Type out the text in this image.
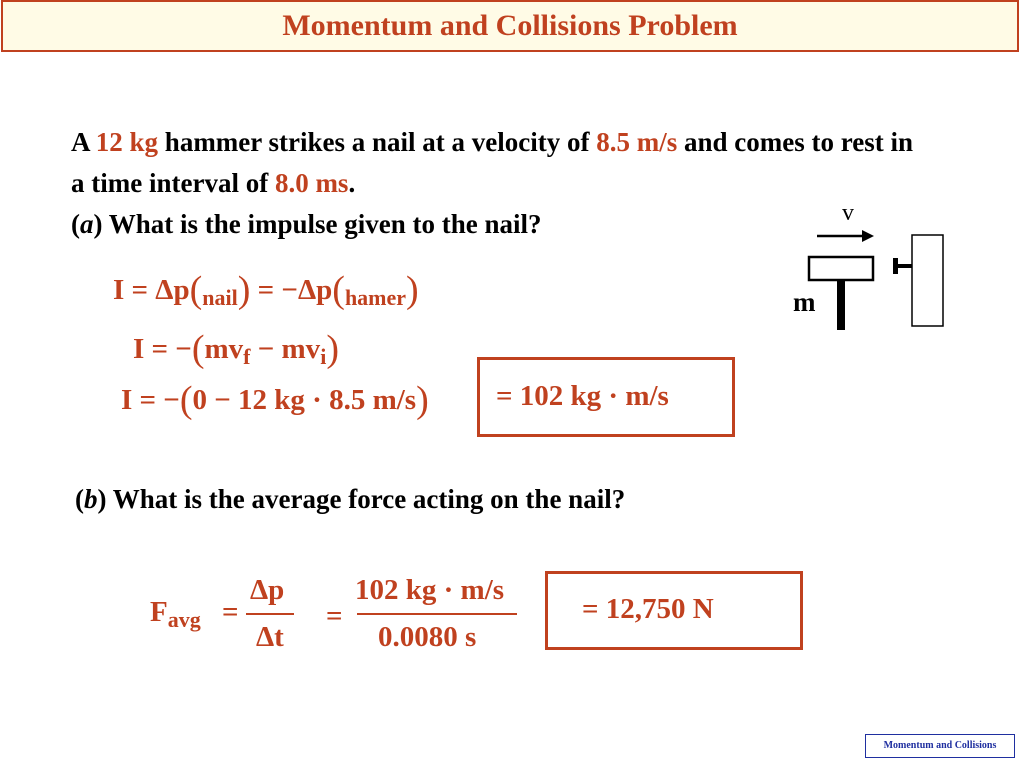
Momentum and Collisions Problem
A 12 kg hammer strikes a nail at a velocity of 8.5 m/s and comes to rest in a time interval of 8.0 ms.
(a) What is the impulse given to the nail?	v
m
$I = \Delta p(_{nail}) = -\Delta p(_{hamer})$
$I = -(mv_f - mv_i)$
I = −(0 − 12 kg · 8.5 m/s) = 102 kg · m/s
(b) What is the average force acting on the nail?
$F_{avg}$ =
Δp
Δt
=
102 kg · m/s
0.0080 s
= 12,750 N
Momentum and Collisions
